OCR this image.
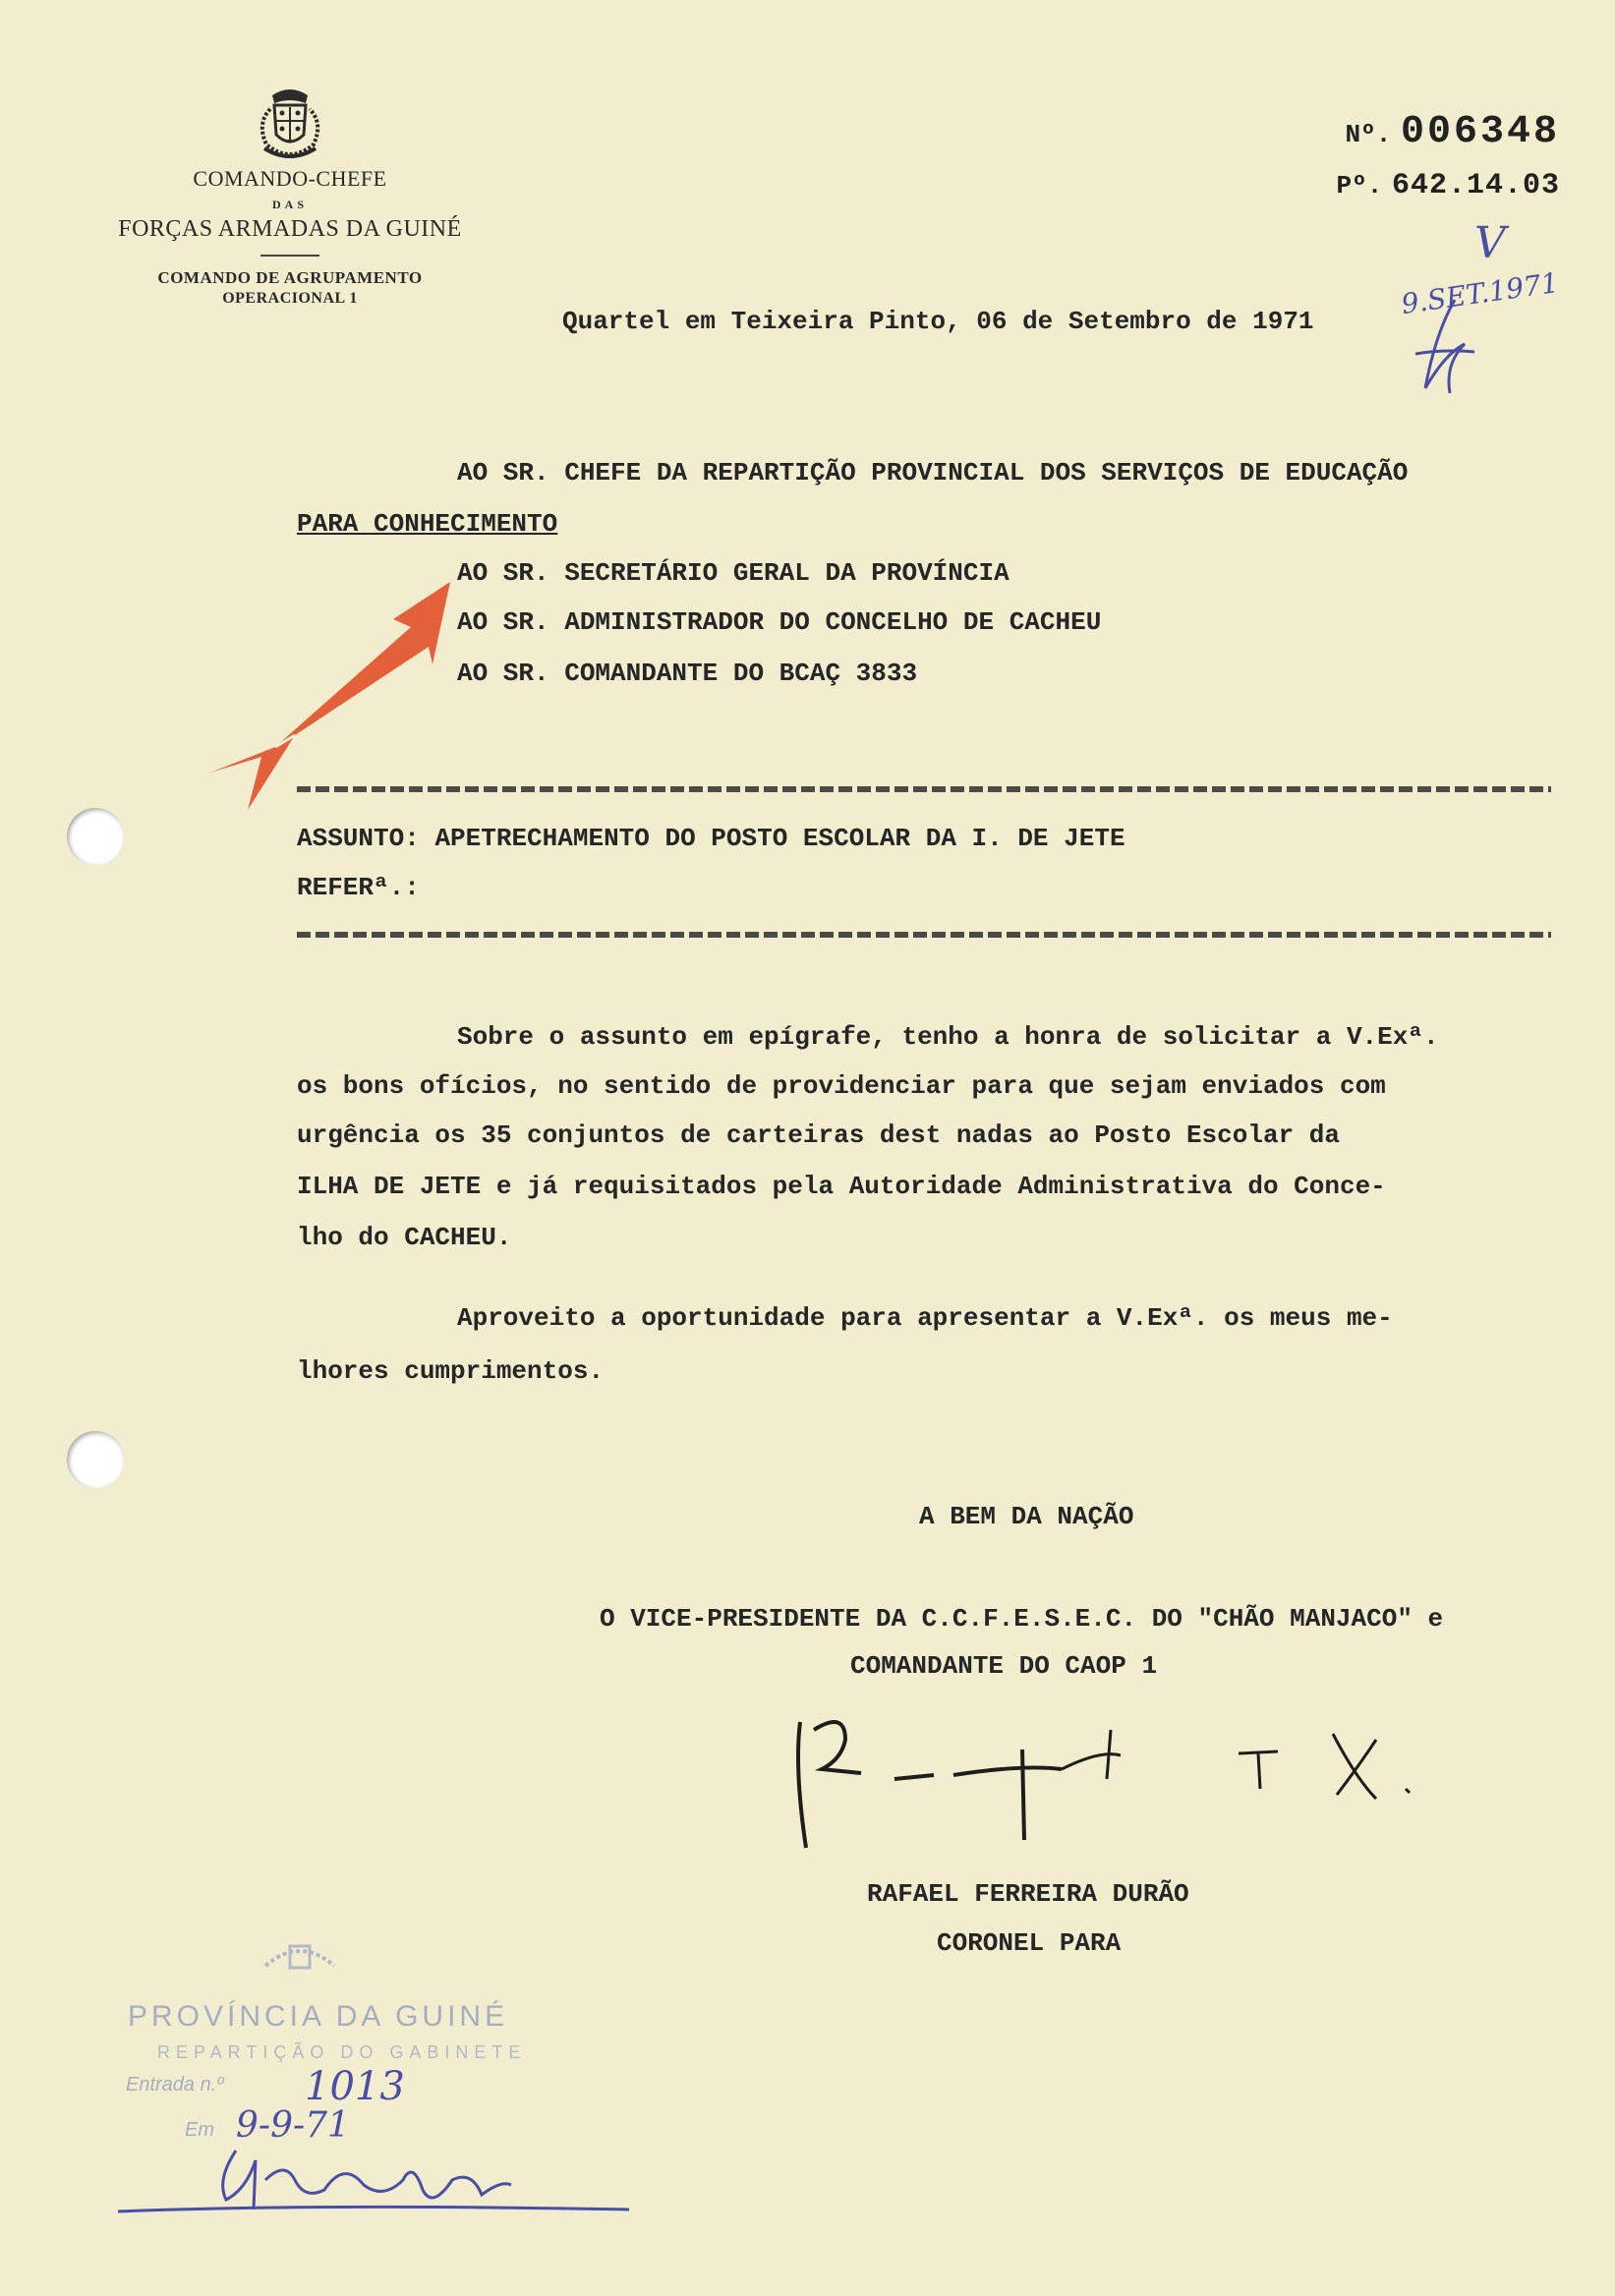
COMANDO-CHEFE
DAS
FORÇAS ARMADAS DA GUINÉ
COMANDO DE AGRUPAMENTO
OPERACIONAL 1
Nº. 006348
Pº. 642.14.03
Quartel em Teixeira Pinto, 06 de Setembro de 1971
9.SET.1971
V
AO SR. CHEFE DA REPARTIÇÃO PROVINCIAL DOS SERVIÇOS DE EDUCAÇÃO
PARA CONHECIMENTO
AO SR. SECRETÁRIO GERAL DA PROVÍNCIA
AO SR. ADMINISTRADOR DO CONCELHO DE CACHEU
AO SR. COMANDANTE DO BCAÇ 3833
ASSUNTO: APETRECHAMENTO DO POSTO ESCOLAR DA I. DE JETE
REFERª.:
Sobre o assunto em epígrafe, tenho a honra de solicitar a V.Exª.
os bons ofícios, no sentido de providenciar para que sejam enviados com
urgência os 35 conjuntos de carteiras dest nadas ao Posto Escolar da
ILHA DE JETE e já requisitados pela Autoridade Administrativa do Conce-
lho do CACHEU.
Aproveito a oportunidade para apresentar a V.Exª. os meus me-
lhores cumprimentos.
A BEM DA NAÇÃO
O VICE-PRESIDENTE DA C.C.F.E.S.E.C. DO "CHÃO MANJACO" e
COMANDANTE DO CAOP 1
RAFAEL FERREIRA DURÃO
CORONEL PARA
PROVÍNCIA DA GUINÉ
REPARTIÇÃO DO GABINETE
Entrada n.º
Em
1013
9-9-71
